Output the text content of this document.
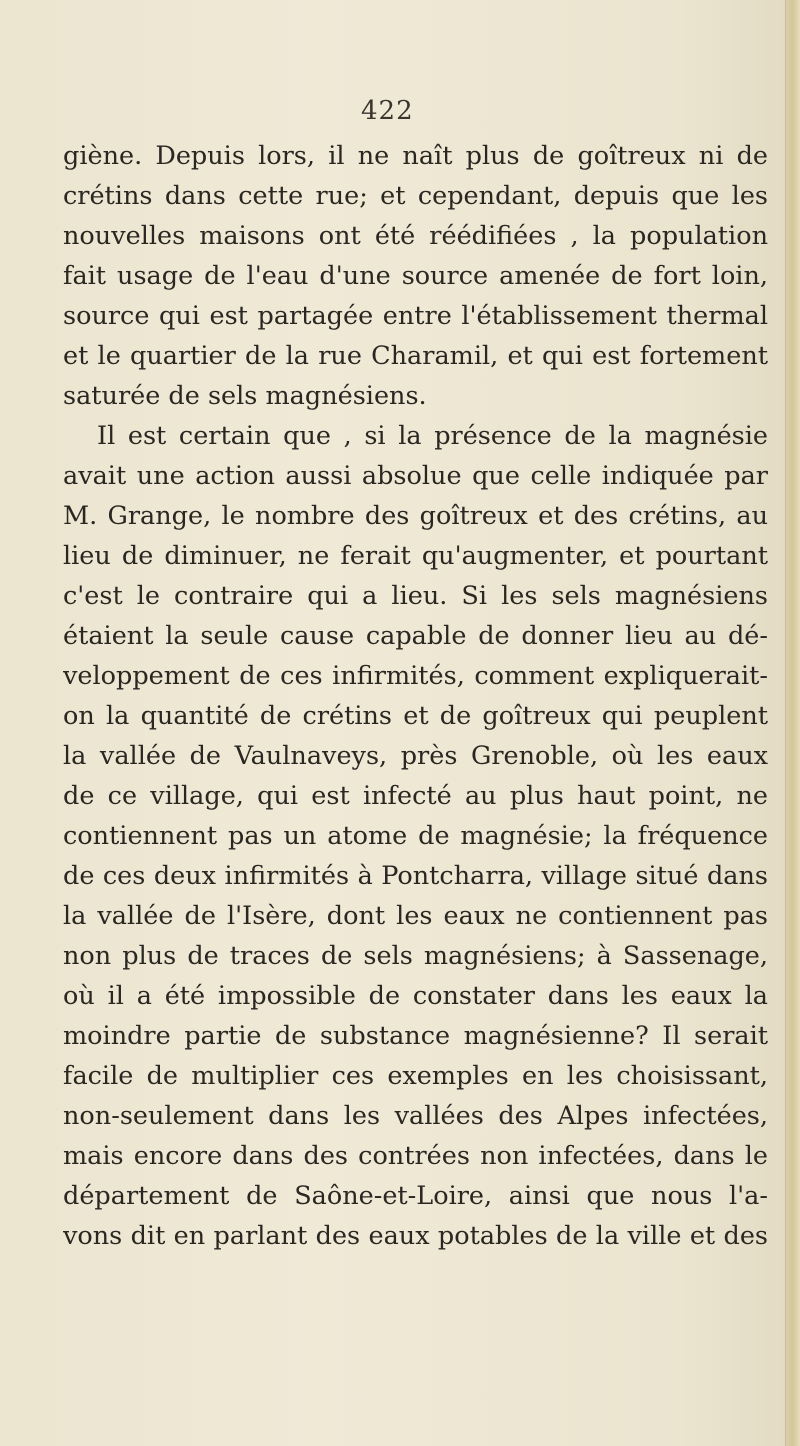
422
giène. Depuis lors, il ne naît plus de goîtreux ni de
crétins dans cette rue; et cependant, depuis que les
nouvelles maisons ont été réédifiées , la population
fait usage de l'eau d'une source amenée de fort loin,
source qui est partagée entre l'établissement thermal
et le quartier de la rue Charamil, et qui est fortement
saturée de sels magnésiens.
Il est certain que , si la présence de la magnésie
avait une action aussi absolue que celle indiquée par
M. Grange, le nombre des goîtreux et des crétins, au
lieu de diminuer, ne ferait qu'augmenter, et pourtant
c'est le contraire qui a lieu. Si les sels magnésiens
étaient la seule cause capable de donner lieu au dé-
veloppement de ces infirmités, comment expliquerait-
on la quantité de crétins et de goîtreux qui peuplent
la vallée de Vaulnaveys, près Grenoble, où les eaux
de ce village, qui est infecté au plus haut point, ne
contiennent pas un atome de magnésie; la fréquence
de ces deux infirmités à Pontcharra, village situé dans
la vallée de l'Isère, dont les eaux ne contiennent pas
non plus de traces de sels magnésiens; à Sassenage,
où il a été impossible de constater dans les eaux la
moindre partie de substance magnésienne? Il serait
facile de multiplier ces exemples en les choisissant,
non-seulement dans les vallées des Alpes infectées,
mais encore dans des contrées non infectées, dans le
département de Saône-et-Loire, ainsi que nous l'a-
vons dit en parlant des eaux potables de la ville et des
